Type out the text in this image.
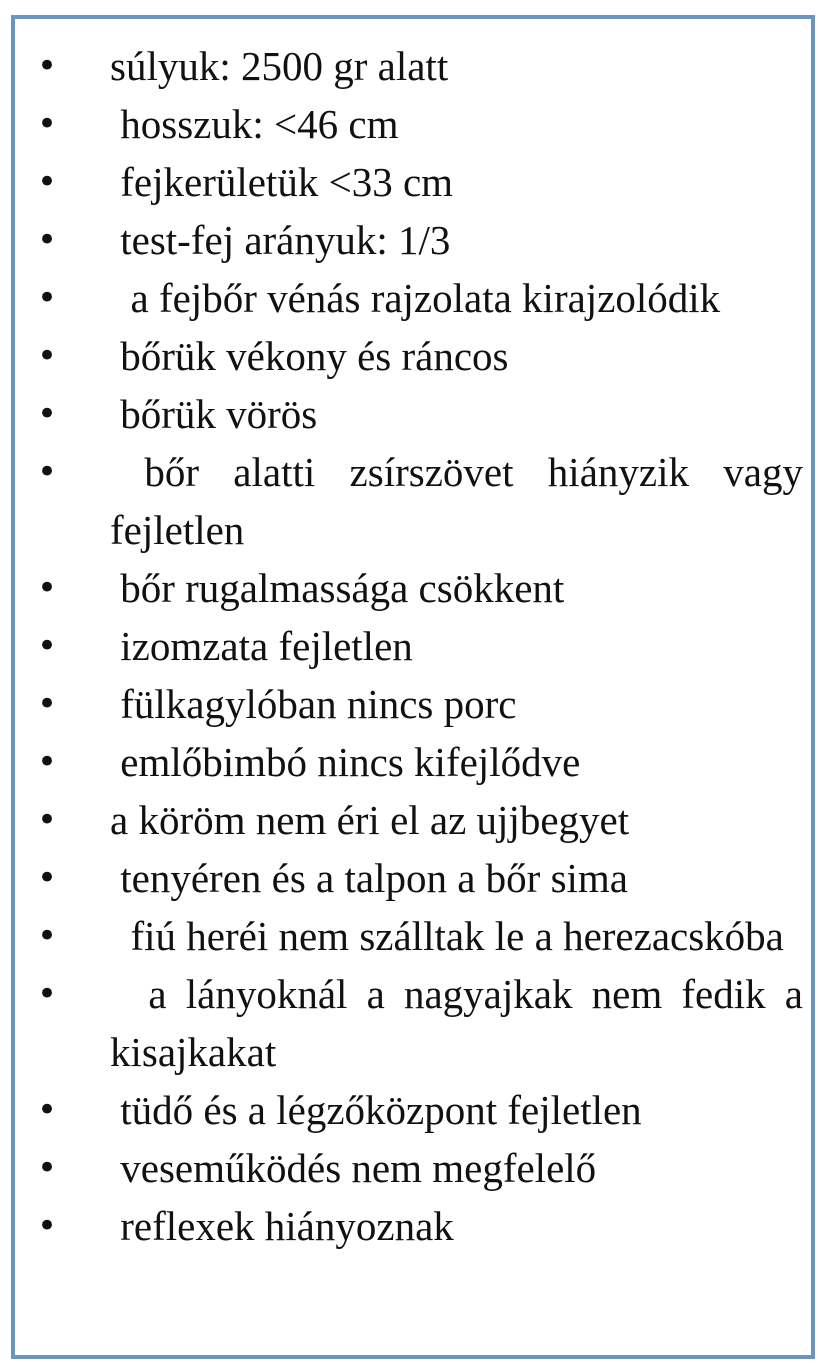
• súlyuk: 2500 gr alatt
• hosszuk: <46 cm
• fejkerületük <33 cm
• test-fej arányuk: 1/3
• a fejbőr vénás rajzolata kirajzolódik
• bőrük vékony és ráncos
• bőrük vörös
• bőr alatti zsírszövet hiányzik vagy fejletlen
• bőr rugalmassága csökkent
• izomzata fejletlen
• fülkagylóban nincs porc
• emlőbimbó nincs kifejlődve
• a köröm nem éri el az ujjbegyet
• tenyéren és a talpon a bőr sima
• fiú heréi nem szálltak le a herezacskóba
• a lányoknál a nagyajkak nem fedik a kisajkakat
• tüdő és a légzőközpont fejletlen
• veseműködés nem megfelelő
• reflexek hiányoznak
